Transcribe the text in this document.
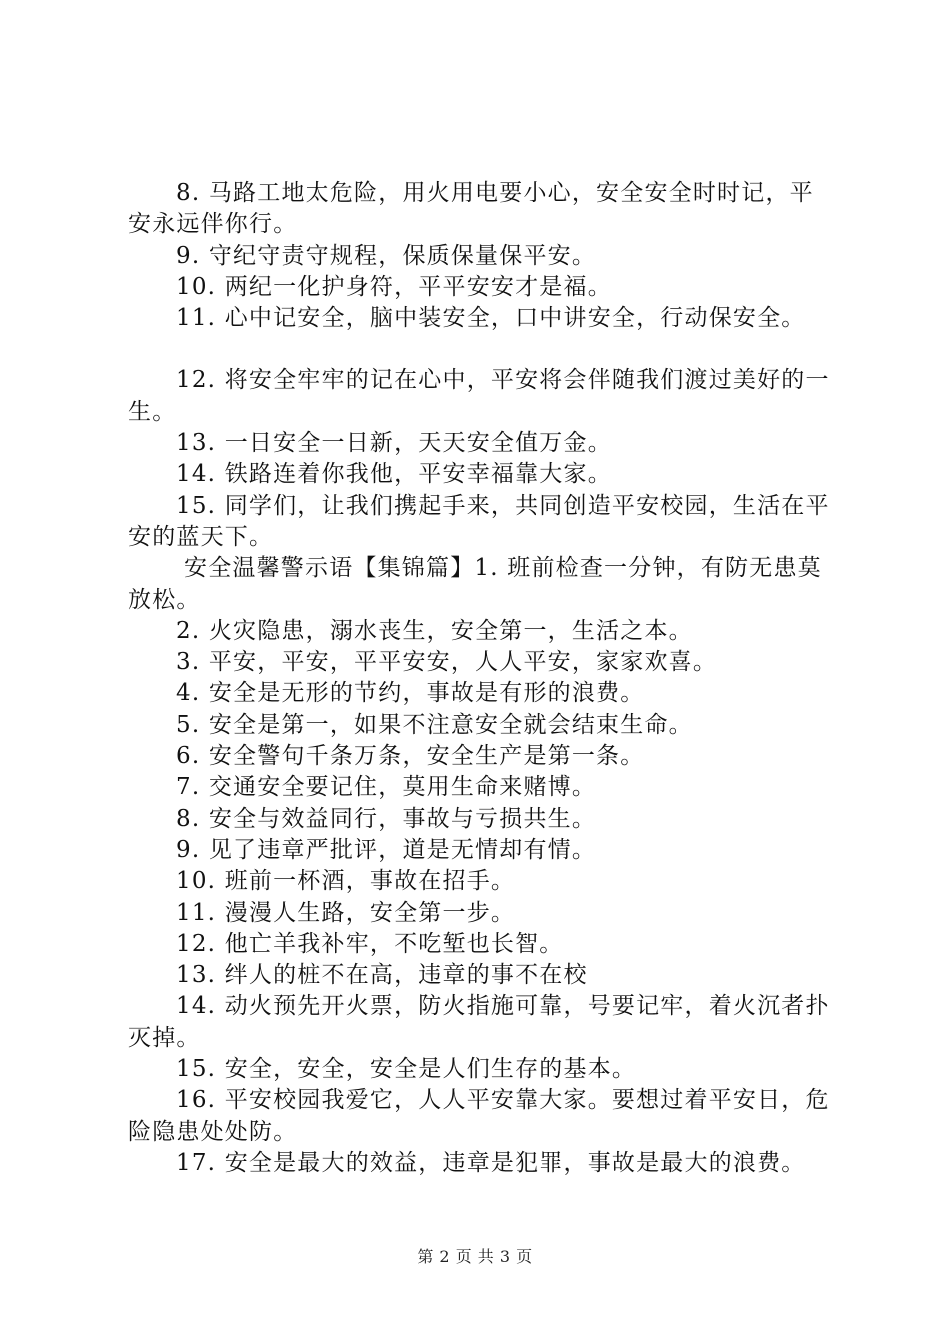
8. 马路工地太危险，用火用电要小心，安全安全时时记，平安永远伴你行。

9. 守纪守责守规程，保质保量保平安。

10. 两纪一化护身符，平平安安才是福。

11. 心中记安全，脑中装安全，口中讲安全，行动保安全。

12. 将安全牢牢的记在心中，平安将会伴随我们渡过美好的一生。

13. 一日安全一日新，天天安全值万金。

14. 铁路连着你我他，平安幸福靠大家。

15. 同学们，让我们携起手来，共同创造平安校园，生活在平安的蓝天下。

安全温馨警示语【集锦篇】1. 班前检查一分钟，有防无患莫放松。

2. 火灾隐患，溺水丧生，安全第一，生活之本。

3. 平安，平安，平平安安，人人平安，家家欢喜。

4. 安全是无形的节约，事故是有形的浪费。

5. 安全是第一，如果不注意安全就会结束生命。

6. 安全警句千条万条，安全生产是第一条。

7. 交通安全要记住，莫用生命来赌博。

8. 安全与效益同行，事故与亏损共生。

9. 见了违章严批评，道是无情却有情。

10. 班前一杯酒，事故在招手。

11. 漫漫人生路，安全第一步。

12. 他亡羊我补牢，不吃堑也长智。

13. 绊人的桩不在高，违章的事不在校

14. 动火预先开火票，防火指施可靠，号要记牢，着火沉者扑灭掉。

15. 安全，安全，安全是人们生存的基本。

16. 平安校园我爱它，人人平安靠大家。要想过着平安日，危险隐患处处防。

17. 安全是最大的效益，违章是犯罪，事故是最大的浪费。

第 2 页 共 3 页
